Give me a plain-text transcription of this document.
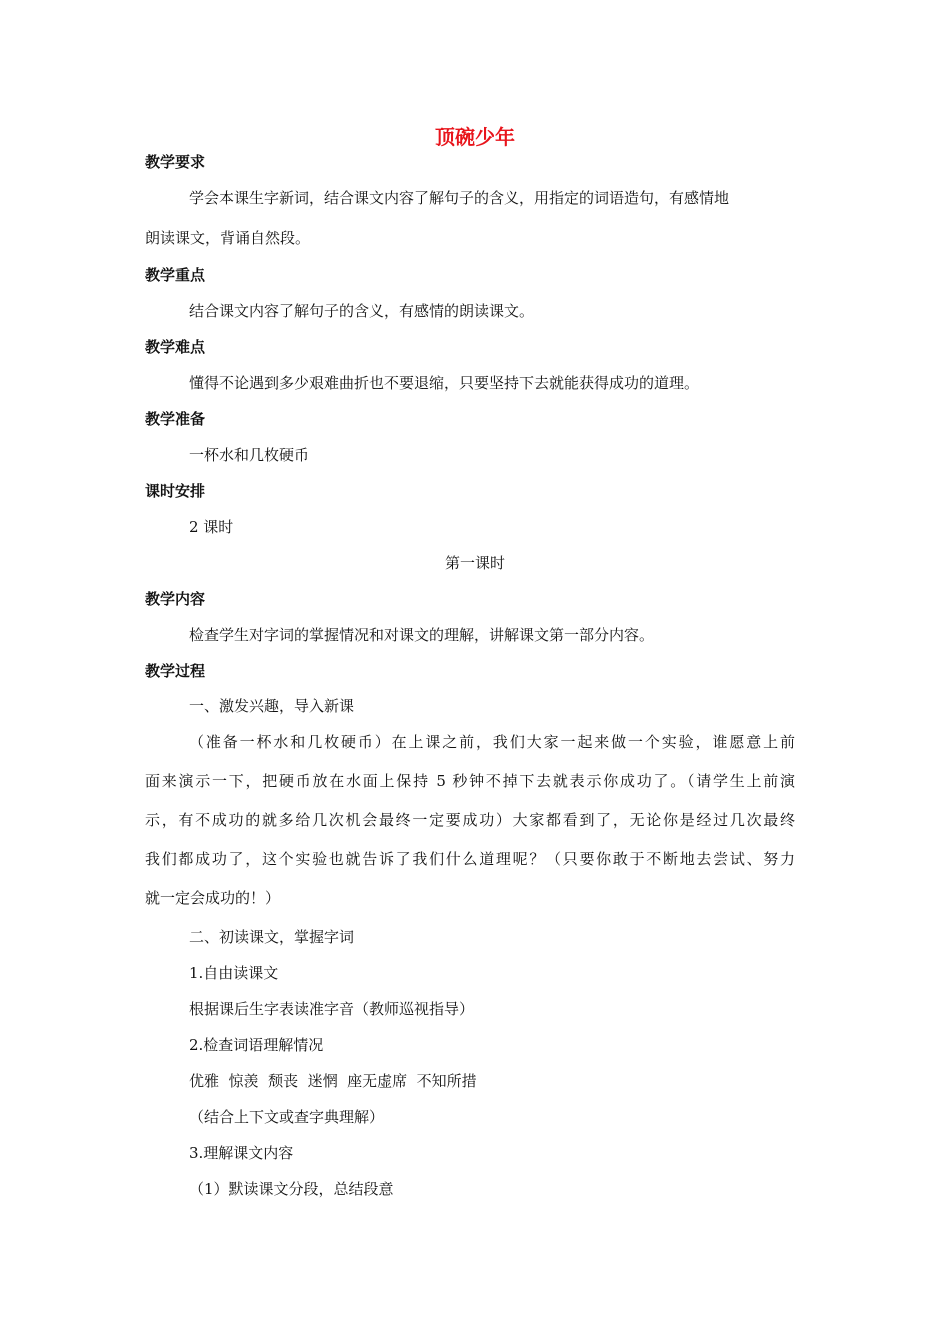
顶碗少年
教学要求
学会本课生字新词，结合课文内容了解句子的含义，用指定的词语造句，有感情地
朗读课文，背诵自然段。
教学重点
结合课文内容了解句子的含义，有感情的朗读课文。
教学难点
懂得不论遇到多少艰难曲折也不要退缩，只要坚持下去就能获得成功的道理。
教学准备
一杯水和几枚硬币
课时安排
2 课时
第一课时
教学内容
检查学生对字词的掌握情况和对课文的理解，讲解课文第一部分内容。
教学过程
一、激发兴趣，导入新课
（准备一杯水和几枚硬币）在上课之前，我们大家一起来做一个实验，谁愿意上前
面来演示一下，把硬币放在水面上保持 5 秒钟不掉下去就表示你成功了。（请学生上前演
示，有不成功的就多给几次机会最终一定要成功）大家都看到了，无论你是经过几次最终
我们都成功了，这个实验也就告诉了我们什么道理呢？（只要你敢于不断地去尝试、努力
就一定会成功的！）
二、初读课文，掌握字词
1.自由读课文
根据课后生字表读准字音（教师巡视指导）
2.检查词语理解情况
优雅  惊羡  颓丧  迷惘  座无虚席  不知所措
（结合上下文或查字典理解）
3.理解课文内容
（1）默读课文分段，总结段意
